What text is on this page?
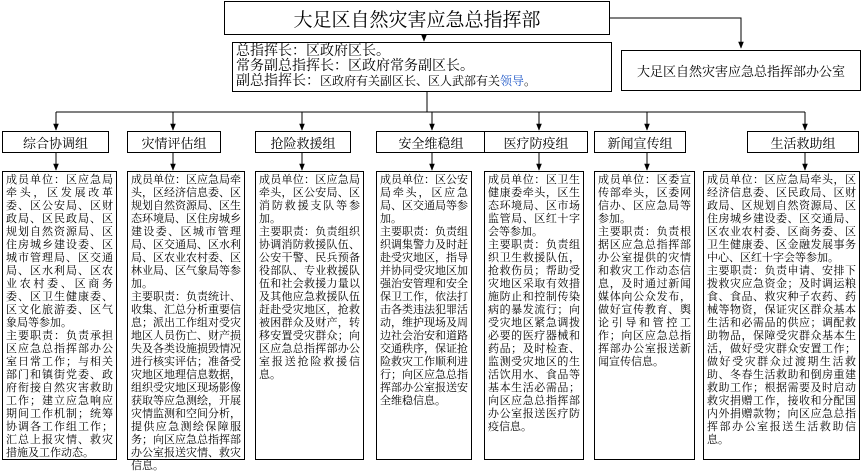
大足区自然灾害应急总指挥部
总指挥长：区政府区长。
常务副总指挥长：区政府常务副区长。
副总指挥长：区政府有关副区长、区人武部有关领导。
大足区自然灾害应急总指挥部办公室
综合协调组

成员单位：区应急局牵头，区发展改革委、区公安局、区财政局、区民政局、区规划自然资源局、区住房城乡建设委、区城市管理局、区交通局、区水利局、区农业农村委、区商务委、区卫生健康委、区文化旅游委、区气象局等参加。

主要职责：负责承担区应急总指挥部办公室日常工作；与相关部门和镇街党委、政府衔接自然灾害救助工作；建立应急响应期间工作机制；统筹协调各工作组工作；汇总上报灾情、救灾措施及工作动态。

灾情评估组

成员单位：区应急局牵头，区经济信息委、区规划自然资源局、区生态环境局、区住房城乡建设委、区城市管理局、区交通局、区水利局、区农业农村委、区林业局、区气象局等参加。

主要职责：负责统计、收集、汇总分析重要信息；派出工作组对受灾地区人员伤亡、财产损失及各类设施损毁情况进行核实评估；准备受灾地区地理信息数据，组织受灾地区现场影像获取等应急测绘，开展灾情监测和空间分析，提供应急测绘保障服务；向区应急总指挥部办公室报送灾情、救灾信息。

抢险救援组

成员单位：区应急局牵头，区公安局、区消防救援支队等参加。

主要职责：负责组织协调消防救援队伍、公安干警、民兵预备役部队、专业救援队伍和社会救援力量以及其他应急救援队伍赶赴受灾地区，抢救被困群众及财产，转移安置受灾群众；向区应急总指挥部办公室报送抢险救援信息。

安全维稳组

成员单位：区公安局牵头，区应急局、区交通局等参加。

主要职责：负责组织调集警力及时赶赴受灾地区，指导并协同受灾地区加强治安管理和安全保卫工作，依法打击各类违法犯罪活动，维护现场及周边社会治安和道路交通秩序，保证抢险救灾工作顺利进行；向区应急总指挥部办公室报送安全维稳信息。

医疗防疫组

成员单位：区卫生健康委牵头，区生态环境局、区市场监管局、区红十字会等参加。

主要职责：负责组织卫生救援队伍，抢救伤员；帮助受灾地区采取有效措施防止和控制传染病的暴发流行；向受灾地区紧急调拨必要的医疗器械和药品；及时检查、监测受灾地区的生活饮用水、食品等基本生活必需品；向区应急总指挥部办公室报送医疗防疫信息。

新闻宣传组

成员单位：区委宣传部牵头，区委网信办、区应急局等参加。

主要职责：负责根据区应急总指挥部办公室提供的灾情和救灾工作动态信息，及时通过新闻媒体向公众发布，做好宣传教育、舆论引导和管控工作；向区应急总指挥部办公室报送新闻宣传信息。

生活救助组

成员单位：区应急局牵头，区经济信息委、区民政局、区财政局、区规划自然资源局、区住房城乡建设委、区交通局、区农业农村委、区商务委、区卫生健康委、区金融发展事务中心、区红十字会等参加。

主要职责：负责申请、安排下拨救灾应急资金；及时调运粮食、食品、救灾种子农药、药械等物资，保证灾区群众基本生活和必需品的供应；调配救助物品，保障受灾群众基本生活，做好受灾群众安置工作；做好受灾群众过渡期生活救助、冬春生活救助和倒房重建救助工作；根据需要及时启动救灾捐赠工作，接收和分配国内外捐赠款物；向区应急总指挥部办公室报送生活救助信息。
